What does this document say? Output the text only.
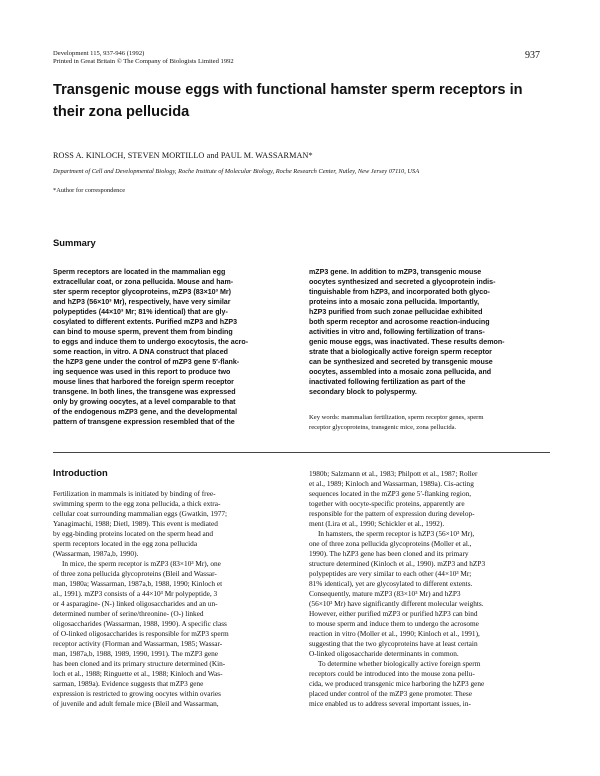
Development 115, 937-946 (1992)
Printed in Great Britain © The Company of Biologists Limited 1992
937
Transgenic mouse eggs with functional hamster sperm receptors in their zona pellucida
ROSS A. KINLOCH, STEVEN MORTILLO and PAUL M. WASSARMAN*
Department of Cell and Developmental Biology, Roche Institute of Molecular Biology, Roche Research Center, Nutley, New Jersey 07110, USA
*Author for correspondence
Summary
Sperm receptors are located in the mammalian egg
extracellular coat, or zona pellucida. Mouse and ham-
ster sperm receptor glycoproteins, mZP3 (83×10³ Mr)
and hZP3 (56×10³ Mr), respectively, have very similar
polypeptides (44×10³ Mr; 81% identical) that are gly-
cosylated to different extents. Purified mZP3 and hZP3
can bind to mouse sperm, prevent them from binding
to eggs and induce them to undergo exocytosis, the acro-
some reaction, in vitro. A DNA construct that placed
the hZP3 gene under the control of mZP3 gene 5′-flank-
ing sequence was used in this report to produce two
mouse lines that harbored the foreign sperm receptor
transgene. In both lines, the transgene was expressed
only by growing oocytes, at a level comparable to that
of the endogenous mZP3 gene, and the developmental
pattern of transgene expression resembled that of the
mZP3 gene. In addition to mZP3, transgenic mouse
oocytes synthesized and secreted a glycoprotein indis-
tinguishable from hZP3, and incorporated both glyco-
proteins into a mosaic zona pellucida. Importantly,
hZP3 purified from such zonae pellucidae exhibited
both sperm receptor and acrosome reaction-inducing
activities in vitro and, following fertilization of trans-
genic mouse eggs, was inactivated. These results demon-
strate that a biologically active foreign sperm receptor
can be synthesized and secreted by transgenic mouse
oocytes, assembled into a mosaic zona pellucida, and
inactivated following fertilization as part of the
secondary block to polyspermy.
Key words: mammalian fertilization, sperm receptor genes, sperm
receptor glycoproteins, transgenic mice, zona pellucida.
Introduction
Fertilization in mammals is initiated by binding of free-
swimming sperm to the egg zona pellucida, a thick extra-
cellular coat surrounding mammalian eggs (Gwatkin, 1977;
Yanagimachi, 1988; Dietl, 1989). This event is mediated
by egg-binding proteins located on the sperm head and
sperm receptors located in the egg zona pellucida
(Wassarman, 1987a,b, 1990).
In mice, the sperm receptor is mZP3 (83×10³ Mr), one
of three zona pellucida glycoproteins (Bleil and Wassar-
man, 1980a; Wassarman, 1987a,b, 1988, 1990; Kinloch et
al., 1991). mZP3 consists of a 44×10³ Mr polypeptide, 3
or 4 asparagine- (N-) linked oligosaccharides and an un-
determined number of serine/threonine- (O-) linked
oligosaccharides (Wassarman, 1988, 1990). A specific class
of O-linked oligosaccharides is responsible for mZP3 sperm
receptor activity (Florman and Wassarman, 1985; Wassar-
man, 1987a,b, 1988, 1989, 1990, 1991). The mZP3 gene
has been cloned and its primary structure determined (Kin-
loch et al., 1988; Ringuette et al., 1988; Kinloch and Was-
sarman, 1989a). Evidence suggests that mZP3 gene
expression is restricted to growing oocytes within ovaries
of juvenile and adult female mice (Bleil and Wassarman,
1980b; Salzmann et al., 1983; Philpott et al., 1987; Roller
et al., 1989; Kinloch and Wassarman, 1989a). Cis-acting
sequences located in the mZP3 gene 5′-flanking region,
together with oocyte-specific proteins, apparently are
responsible for the pattern of expression during develop-
ment (Lira et al., 1990; Schickler et al., 1992).
In hamsters, the sperm receptor is hZP3 (56×10³ Mr),
one of three zona pellucida glycoproteins (Moller et al.,
1990). The hZP3 gene has been cloned and its primary
structure determined (Kinloch et al., 1990). mZP3 and hZP3
polypeptides are very similar to each other (44×10³ Mr;
81% identical), yet are glycosylated to different extents.
Consequently, mature mZP3 (83×10³ Mr) and hZP3
(56×10³ Mr) have significantly different molecular weights.
However, either purified mZP3 or purified hZP3 can bind
to mouse sperm and induce them to undergo the acrosome
reaction in vitro (Moller et al., 1990; Kinloch et al., 1991),
suggesting that the two glycoproteins have at least certain
O-linked oligosaccharide determinants in common.
To determine whether biologically active foreign sperm
receptors could be introduced into the mouse zona pellu-
cida, we produced transgenic mice harboring the hZP3 gene
placed under control of the mZP3 gene promoter. These
mice enabled us to address several important issues, in-
